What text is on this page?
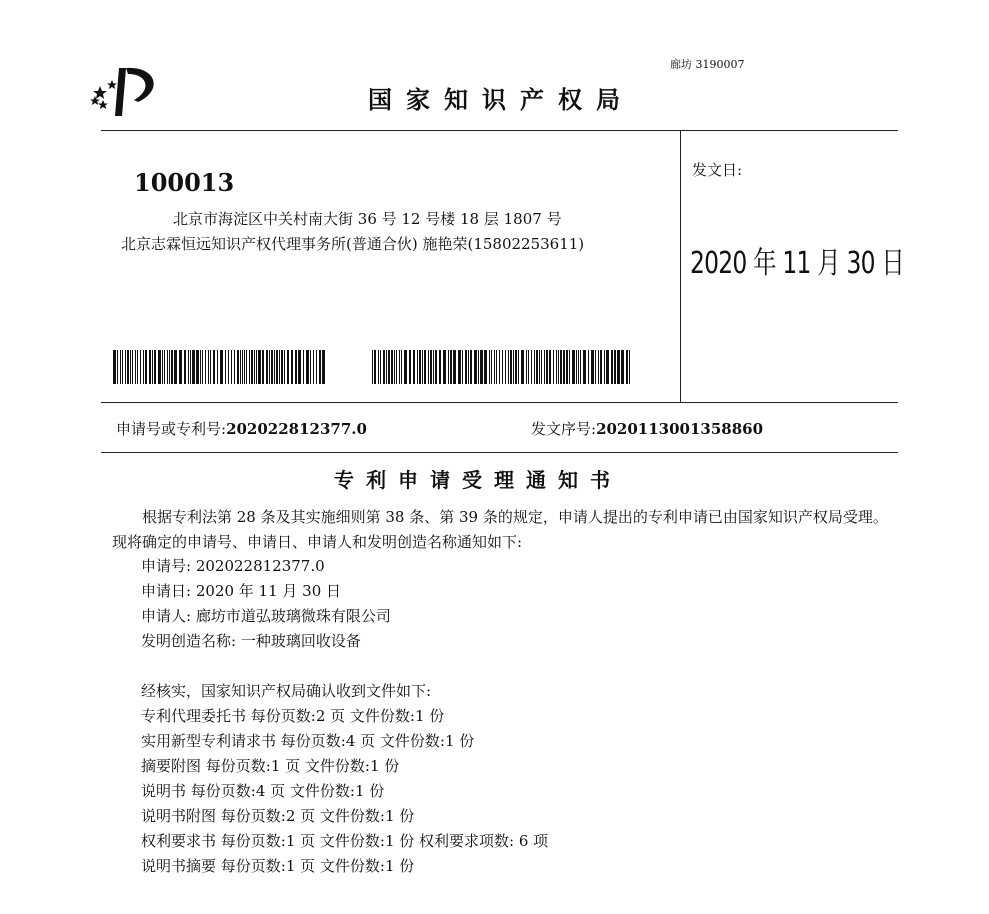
廊坊 3190007
国家知识产权局
100013
北京市海淀区中关村南大街 36 号 12 号楼 18 层 1807 号
北京志霖恒远知识产权代理事务所(普通合伙) 施艳荣(15802253611)
发文日:
2020 年 11 月 30 日
申请号或专利号:202022812377.0	发文序号:2020113001358860
专利申请受理通知书
根据专利法第 28 条及其实施细则第 38 条、第 39 条的规定，申请人提出的专利申请已由国家知识产权局受理。现将确定的申请号、申请日、申请人和发明创造名称通知如下:
申请号: 202022812377.0
申请日: 2020 年 11 月 30 日
申请人: 廊坊市道弘玻璃微珠有限公司
发明创造名称: 一种玻璃回收设备
经核实，国家知识产权局确认收到文件如下:
专利代理委托书 每份页数:2 页 文件份数:1 份
实用新型专利请求书 每份页数:4 页 文件份数:1 份
摘要附图 每份页数:1 页 文件份数:1 份
说明书 每份页数:4 页 文件份数:1 份
说明书附图 每份页数:2 页 文件份数:1 份
权利要求书 每份页数:1 页 文件份数:1 份 权利要求项数: 6 项
说明书摘要 每份页数:1 页 文件份数:1 份
